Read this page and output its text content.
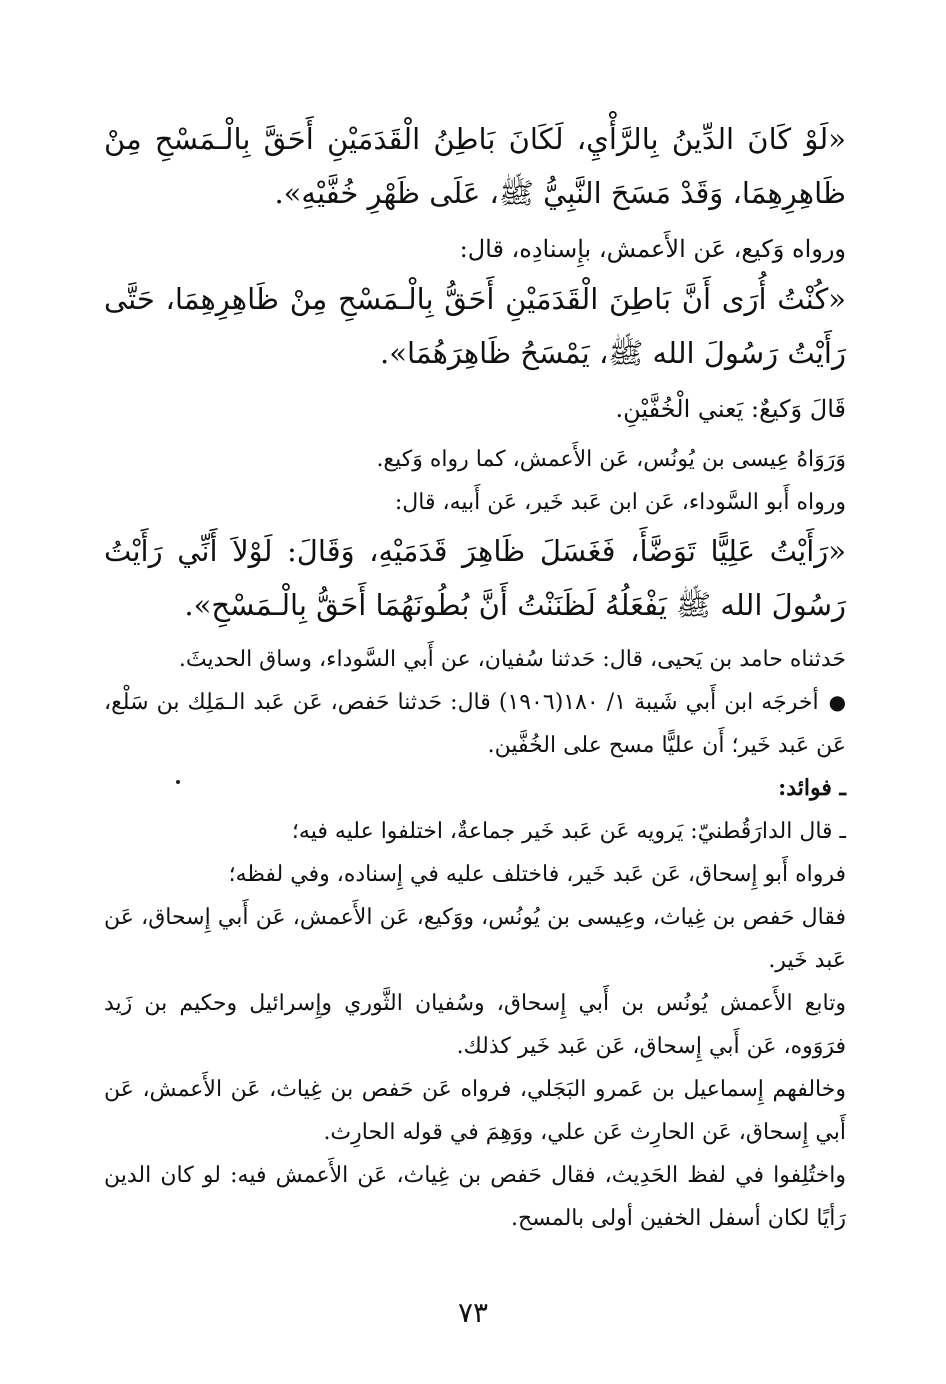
«لَوْ كَانَ الدِّينُ بِالرَّأْيِ، لَكَانَ بَاطِنُ الْقَدَمَيْنِ أَحَقَّ بِالْـمَسْحِ مِنْ ظَاهِرِهِمَا، وَقَدْ مَسَحَ النَّبِيُّ ﷺ، عَلَى ظَهْرِ خُفَّيْهِ».

ورواه وَكيع، عَن الأَعمش، بإِسنادِه، قال:

«كُنْتُ أُرَى أَنَّ بَاطِنَ الْقَدَمَيْنِ أَحَقُّ بِالْـمَسْحِ مِنْ ظَاهِرِهِمَا، حَتَّى رَأَيْتُ رَسُولَ الله ﷺ، يَمْسَحُ ظَاهِرَهُمَا».

قَالَ وَكيعٌ: يَعني الْخُفَّيْنِ.

وَرَوَاهُ عِيسى بن يُونُس، عَن الأَعمش، كما رواه وَكيع.

ورواه أَبو السَّوداء، عَن ابن عَبد خَير، عَن أَبيه، قال:

«رَأَيْتُ عَلِيًّا تَوَضَّأَ، فَغَسَلَ ظَاهِرَ قَدَمَيْهِ، وَقَالَ: لَوْلاَ أَنِّي رَأَيْتُ رَسُولَ الله ﷺ يَفْعَلُهُ لَظَنَنْتُ أَنَّ بُطُونَهُمَا أَحَقُّ بِالْـمَسْحِ».

حَدثناه حامد بن يَحيى، قال: حَدثنا سُفيان، عن أَبي السَّوداء، وساق الحديثَ.

●أخرجَه ابن أَبي شَيبة ١/ ١٨٠(١٩٠٦) قال: حَدثنا حَفص، عَن عَبد الـمَلِك بن سَلْع، عَن عَبد خَير؛ أَن عليًّا مسح على الخُفَّين.

ـ فوائد:

ـ قال الدارَقُطنيّ: يَرويه عَن عَبد خَير جماعةٌ، اختلفوا عليه فيه؛

فرواه أَبو إِسحاق، عَن عَبد خَير، فاختلف عليه في إِسناده، وفي لفظه؛

فقال حَفص بن غِياث، وعِيسى بن يُونُس، ووَكيع، عَن الأَعمش، عَن أَبي إِسحاق، عَن عَبد خَير.

وتابع الأَعمش يُونُس بن أَبي إِسحاق، وسُفيان الثَّوري وإِسرائيل وحكيم بن زَيد فرَوَوه، عَن أَبي إِسحاق، عَن عَبد خَير كذلك.

وخالفهم إِسماعيل بن عَمرو البَجَلي، فرواه عَن حَفص بن غِياث، عَن الأَعمش، عَن أَبي إِسحاق، عَن الحارِث عَن علي، ووَهِمَ في قوله الحارِث.

واختُلِفوا في لفظ الحَدِيث، فقال حَفص بن غِياث، عَن الأَعمش فيه: لو كان الدين رَأيًا لكان أسفل الخفين أولى بالمسح.

٧٣
